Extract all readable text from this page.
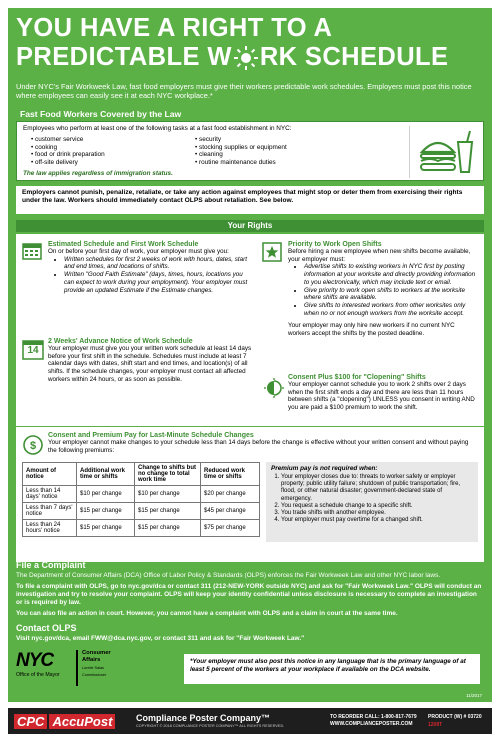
YOU HAVE A RIGHT TO A
PREDICTABLE W RK SCHEDULE
Under NYC's Fair Workweek Law, fast food employers must give their workers predictable work schedules. Employers must post this notice where employees can easily see it at each NYC workplace.*
Fast Food Workers Covered by the Law
Employees who perform at least one of the following tasks at a fast food establishment in NYC:
• customer service
• cooking
• food or drink preparation
• off-site delivery
• security
• stocking supplies or equipment
• cleaning
• routine maintenance duties
The law applies regardless of immigration status.
Employers cannot punish, penalize, retaliate, or take any action against employees that might stop or deter them from exercising their rights under the law. Workers should immediately contact OLPS about retaliation. See below.
Your Rights
Estimated Schedule and First Work Schedule

On or before your first day of work, your employer must give you:

• Written schedules for first 2 weeks of work with hours, dates, start and end times, and locations of shifts.
• Written "Good Faith Estimate" (days, times, hours, locations you can expect to work during your employment). Your employer must provide an updated Estimate if the Estimate changes.
Priority to Work Open Shifts

Before hiring a new employee when new shifts become available, your employer must:

• Advertise shifts to existing workers in NYC first by posting information at your worksite and directly providing information to you electronically, which may include text or email.
• Give priority to work open shifts to workers at the worksite where shifts are available.
• Give shifts to interested workers from other worksites only when no or not enough workers from the worksite accept.

Your employer may only hire new workers if no current NYC workers accept the shifts by the posted deadline.

14
2 Weeks' Advance Notice of Work Schedule

Your employer must give you your written work schedule at least 14 days before your first shift in the schedule. Schedules must include at least 7 calendar days with dates, shift start and end times, and location(s) of all shifts. If the schedule changes, your employer must contact all affected workers within 24 hours, or as soon as possible.	Consent Plus $100 for "Clopening" Shifts

Your employer cannot schedule you to work 2 shifts over 2 days when the first shift ends a day and there are less than 11 hours between shifts (a "clopening") UNLESS you consent in writing AND you are paid a $100 premium to work the shift.

$
Consent and Premium Pay for Last-Minute Schedule Changes

Your employer cannot make changes to your schedule less than 14 days before the change is effective without your written consent and without paying the following premiums:

Amount of notice	Additional work time or shifts	Change to shifts but no change to total work time	Reduced work time or shifts
Less than 14 days' notice	$10 per change	$10 per change	$20 per change
Less than 7 days' notice	$15 per change	$15 per change	$45 per change
Less than 24 hours' notice	$15 per change	$15 per change	$75 per change
Premium pay is not required when:
1. Your employer closes due to: threats to worker safety or employer property; public utility failure; shutdown of public transportation; fire, flood, or other natural disaster; government-declared state of emergency.
2. You request a schedule change to a specific shift.
3. You trade shifts with another employee.
4. Your employer must pay overtime for a changed shift.
File a Complaint

The Department of Consumer Affairs (DCA) Office of Labor Policy & Standards (OLPS) enforces the Fair Workweek Law and other NYC labor laws.

To file a complaint with OLPS, go to nyc.gov/dca or contact 311 (212-NEW-YORK outside NYC) and ask for "Fair Workweek Law." OLPS will conduct an investigation and try to resolve your complaint. OLPS will keep your identity confidential unless disclosure is necessary to complete an investigation or is required by law.

You can also file an action in court. However, you cannot have a complaint with OLPS and a claim in court at the same time.

Contact OLPS

Visit nyc.gov/dca, email FWW@dca.nyc.gov, or contact 311 and ask for "Fair Workweek Law."

NYC
Office of the Mayor
Consumer
Affairs
Lorelei Salas
Commissioner
*Your employer must also post this notice in any language that is the primary language of at least 5 percent of the workers at your workplace if available on the DCA website.
11/2017
CPC AccuPost	Compliance Poster Company™
COPYRIGHT © 2018 COMPLIANCE POSTER COMPANY™ ALL RIGHTS RESERVED.
TO REORDER CALL: 1-800-817-7679
WWW.COMPLIANCEPOSTER.COM
PRODUCT (W) # 03720
1208T
